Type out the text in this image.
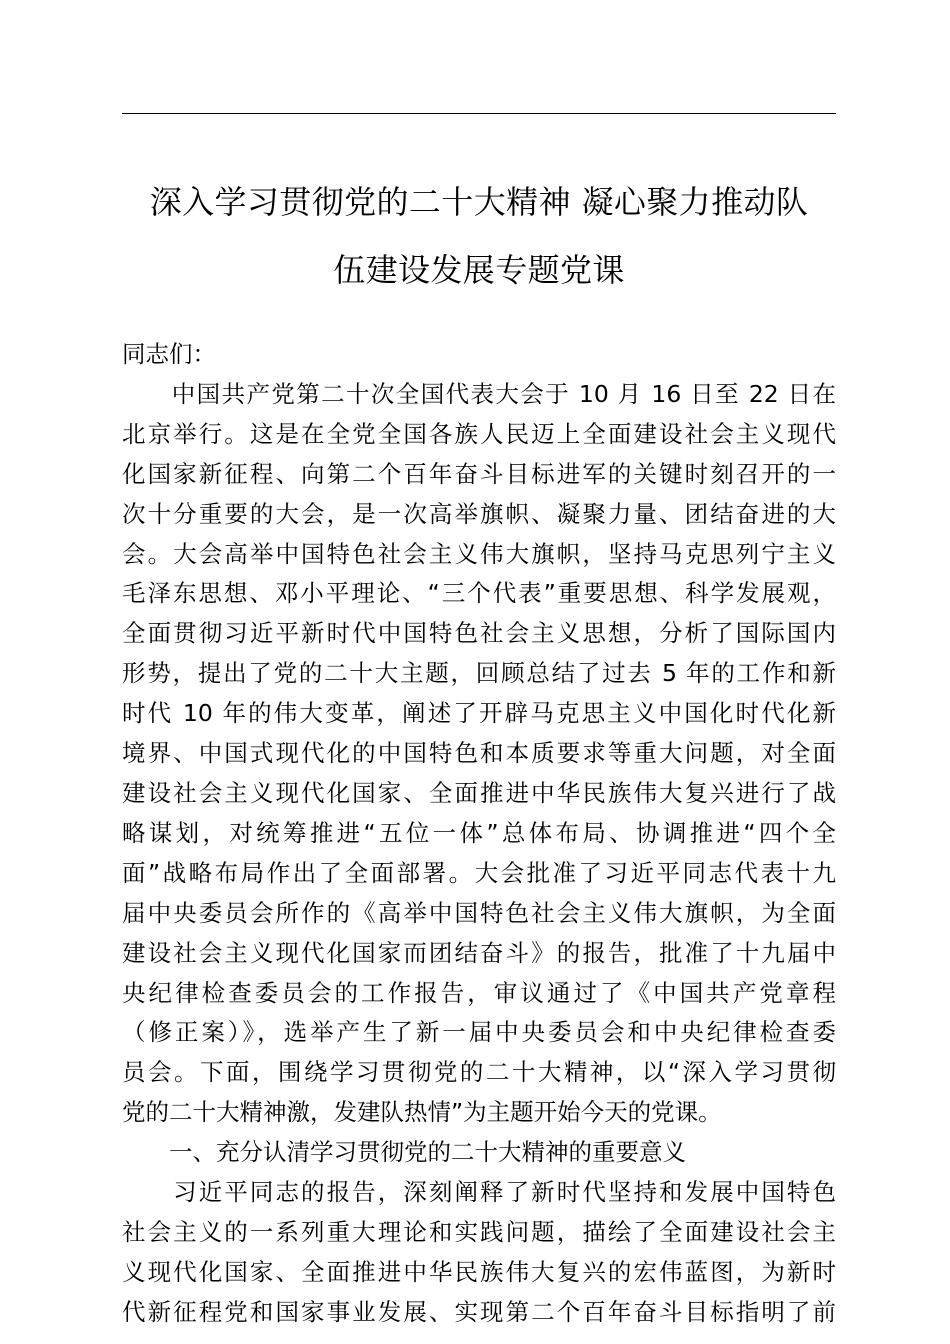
深入学习贯彻党的二十大精神 凝心聚力推动队
伍建设发展专题党课
同志们：
　　中国共产党第二十次全国代表大会于 10 月 16 日至 22 日在
北京举行。这是在全党全国各族人民迈上全面建设社会主义现代
化国家新征程、向第二个百年奋斗目标进军的关键时刻召开的一
次十分重要的大会，是一次高举旗帜、凝聚力量、团结奋进的大
会。大会高举中国特色社会主义伟大旗帜，坚持马克思列宁主义
毛泽东思想、邓小平理论、“三个代表”重要思想、科学发展观，
全面贯彻习近平新时代中国特色社会主义思想，分析了国际国内
形势，提出了党的二十大主题，回顾总结了过去 5 年的工作和新
时代 10 年的伟大变革，阐述了开辟马克思主义中国化时代化新
境界、中国式现代化的中国特色和本质要求等重大问题，对全面
建设社会主义现代化国家、全面推进中华民族伟大复兴进行了战
略谋划，对统筹推进“五位一体”总体布局、协调推进“四个全
面”战略布局作出了全面部署。大会批准了习近平同志代表十九
届中央委员会所作的《高举中国特色社会主义伟大旗帜，为全面
建设社会主义现代化国家而团结奋斗》的报告，批准了十九届中
央纪律检查委员会的工作报告，审议通过了《中国共产党章程
（修正案）》，选举产生了新一届中央委员会和中央纪律检查委
员会。下面，围绕学习贯彻党的二十大精神，以“深入学习贯彻
党的二十大精神激，发建队热情”为主题开始今天的党课。
　　一、充分认清学习贯彻党的二十大精神的重要意义
　　习近平同志的报告，深刻阐释了新时代坚持和发展中国特色
社会主义的一系列重大理论和实践问题，描绘了全面建设社会主
义现代化国家、全面推进中华民族伟大复兴的宏伟蓝图，为新时
代新征程党和国家事业发展、实现第二个百年奋斗目标指明了前
